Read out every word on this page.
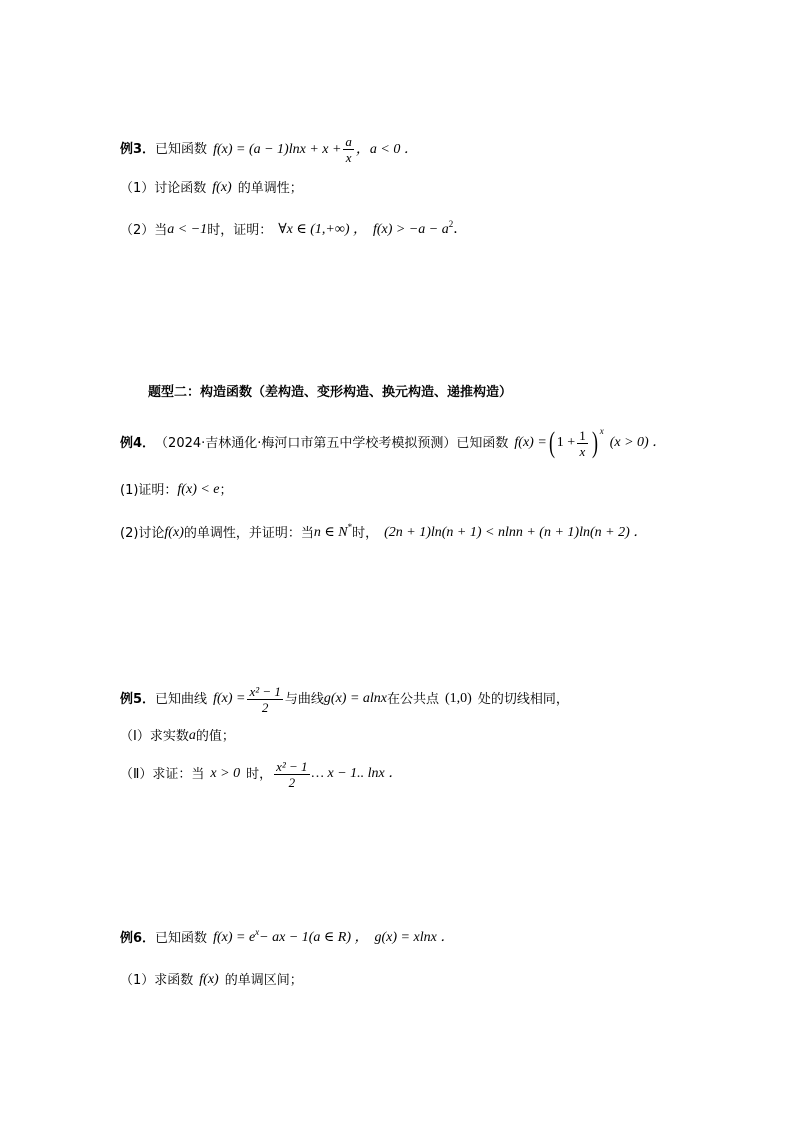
例3． 已知函数 $f(x) = (a - 1)\ln x + x + \frac{a}{x}$ ，a < 0 ．
（1）讨论函数 f(x) 的单调性；
（2）当 a < −1 时，证明： ∀x ∈ (1,+∞) ， f(x) > −a − a 2 ．
题型二：构造函数（差构造、变形构造、换元构造、递推构造）
例4． （2024·吉林通化·梅河口市第五中学校考模拟预测）已知函数 f(x) = ( $1 + \frac{1}{x}$ ) x
(x > 0) ．
(1)证明： f(x) < e ；
(2)讨论 f(x) 的单调性，并证明：当 n ∈ N * 时， (2n + 1)ln(n + 1) < nlnn + (n + 1)ln(n + 2) ．
例5． 已知曲线 $f(x) = \frac{\text{x² − 1}}{2}$ 与曲线 g(x) = alnx 在公共点 (1,0) 处的切线相同，
（Ⅰ）求实数 a 的值；
（Ⅱ）求证：当 x > 0 时， $\frac{\text{x² − 1}}{2}$ … x − 1.. lnx ．
例6． 已知函数 f(x) = e x − ax − 1(a ∈ R) ， g(x) = xlnx ．
（1）求函数 f(x) 的单调区间；
